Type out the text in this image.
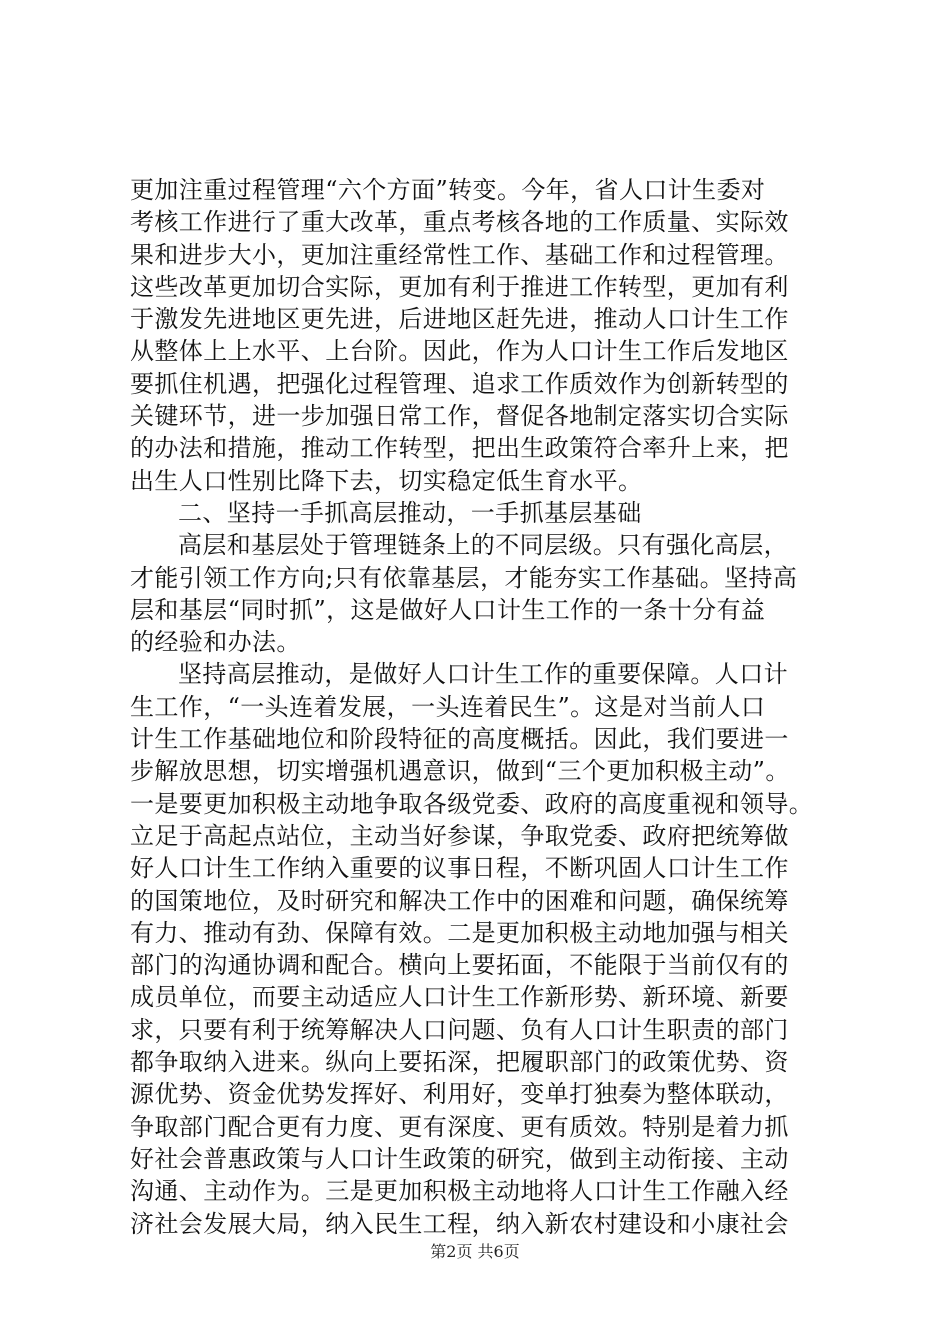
更加注重过程管理“六个方面”转变。今年，省人口计生委对
考核工作进行了重大改革，重点考核各地的工作质量、实际效
果和进步大小，更加注重经常性工作、基础工作和过程管理。
这些改革更加切合实际，更加有利于推进工作转型，更加有利
于激发先进地区更先进，后进地区赶先进，推动人口计生工作
从整体上上水平、上台阶。因此，作为人口计生工作后发地区
要抓住机遇，把强化过程管理、追求工作质效作为创新转型的
关键环节，进一步加强日常工作，督促各地制定落实切合实际
的办法和措施，推动工作转型，把出生政策符合率升上来，把
出生人口性别比降下去，切实稳定低生育水平。
二、坚持一手抓高层推动，一手抓基层基础
高层和基层处于管理链条上的不同层级。只有强化高层，
才能引领工作方向;只有依靠基层，才能夯实工作基础。坚持高
层和基层“同时抓”，这是做好人口计生工作的一条十分有益
的经验和办法。
坚持高层推动，是做好人口计生工作的重要保障。人口计
生工作，“一头连着发展，一头连着民生”。这是对当前人口
计生工作基础地位和阶段特征的高度概括。因此，我们要进一
步解放思想，切实增强机遇意识，做到“三个更加积极主动”。
一是要更加积极主动地争取各级党委、政府的高度重视和领导。
立足于高起点站位，主动当好参谋，争取党委、政府把统筹做
好人口计生工作纳入重要的议事日程，不断巩固人口计生工作
的国策地位，及时研究和解决工作中的困难和问题，确保统筹
有力、推动有劲、保障有效。二是更加积极主动地加强与相关
部门的沟通协调和配合。横向上要拓面，不能限于当前仅有的
成员单位，而要主动适应人口计生工作新形势、新环境、新要
求，只要有利于统筹解决人口问题、负有人口计生职责的部门
都争取纳入进来。纵向上要拓深，把履职部门的政策优势、资
源优势、资金优势发挥好、利用好，变单打独奏为整体联动，
争取部门配合更有力度、更有深度、更有质效。特别是着力抓
好社会普惠政策与人口计生政策的研究，做到主动衔接、主动
沟通、主动作为。三是更加积极主动地将人口计生工作融入经
济社会发展大局，纳入民生工程，纳入新农村建设和小康社会
第2页 共6页
